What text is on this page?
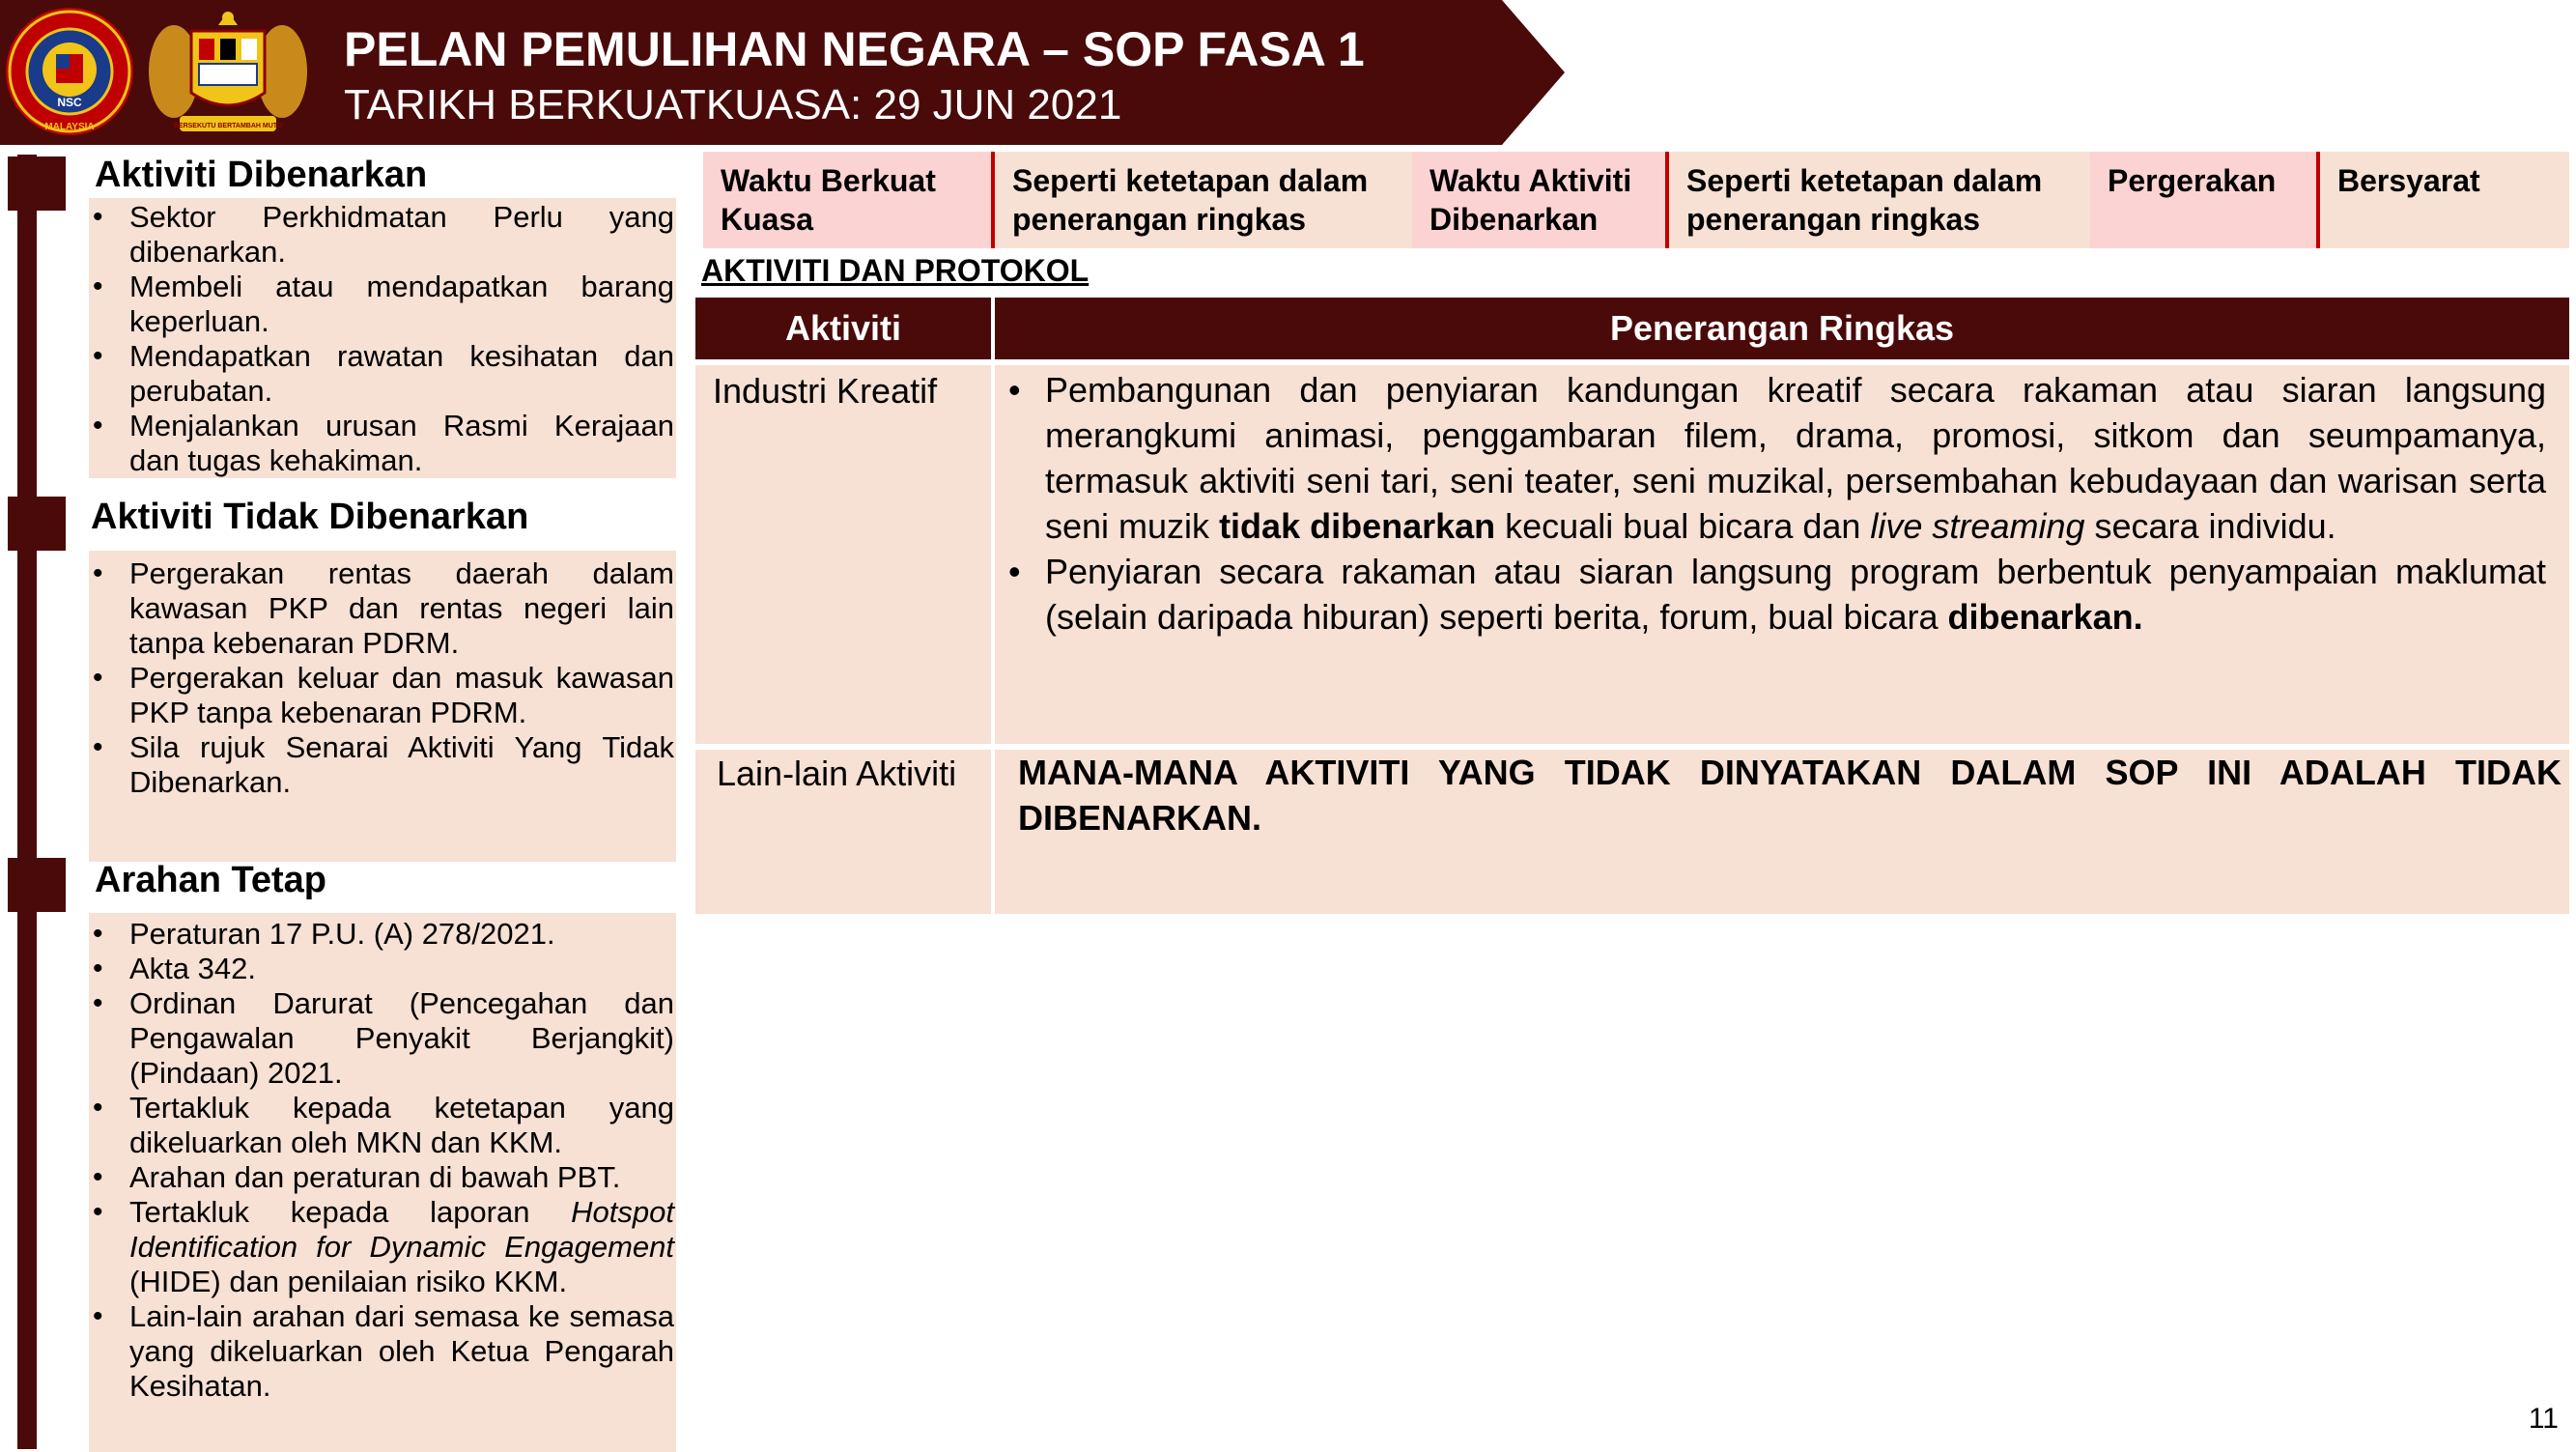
NSC
MALAYSIA	BERSEKUTU BERTAMBAH MUTU
PELAN PEMULIHAN NEGARA – SOP FASA 1
TARIKH BERKUATKUASA: 29 JUN 2021
Aktiviti Dibenarkan
• Sektor Perkhidmatan Perlu yang dibenarkan.
• Membeli atau mendapatkan barang keperluan.
• Mendapatkan rawatan kesihatan dan perubatan.
• Menjalankan urusan Rasmi Kerajaan dan tugas kehakiman.
Aktiviti Tidak Dibenarkan
• Pergerakan rentas daerah dalam kawasan PKP dan rentas negeri lain tanpa kebenaran PDRM.
• Pergerakan keluar dan masuk kawasan PKP tanpa kebenaran PDRM.
• Sila rujuk Senarai Aktiviti Yang Tidak Dibenarkan.
Arahan Tetap
• Peraturan 17 P.U. (A) 278/2021.
• Akta 342.
• Ordinan Darurat (Pencegahan dan Pengawalan Penyakit Berjangkit) (Pindaan) 2021.
• Tertakluk kepada ketetapan yang dikeluarkan oleh MKN dan KKM.
• Arahan dan peraturan di bawah PBT.
• Tertakluk kepada laporan Hotspot Identification for Dynamic Engagement (HIDE) dan penilaian risiko KKM.
• Lain-lain arahan dari semasa ke semasa yang dikeluarkan oleh Ketua Pengarah Kesihatan.
Waktu Berkuat Kuasa
Seperti ketetapan dalam penerangan ringkas
Waktu Aktiviti Dibenarkan
Seperti ketetapan dalam penerangan ringkas
Pergerakan	Bersyarat
AKTIVITI DAN PROTOKOL
Aktiviti	Penerangan Ringkas
Industri Kreatif
•	Pembangunan dan penyiaran kandungan kreatif secara rakaman atau siaran langsung merangkumi animasi, penggambaran filem, drama, promosi, sitkom dan seumpamanya, termasuk aktiviti seni tari, seni teater, seni muzikal, persembahan kebudayaan dan warisan serta seni muzik tidak dibenarkan kecuali bual bicara dan live streaming secara individu.
• Penyiaran secara rakaman atau siaran langsung program berbentuk penyampaian maklumat (selain daripada hiburan) seperti berita, forum, bual bicara dibenarkan.
Lain-lain Aktiviti	MANA-MANA AKTIVITI YANG TIDAK DINYATAKAN DALAM SOP INI ADALAH TIDAK DIBENARKAN.
11
